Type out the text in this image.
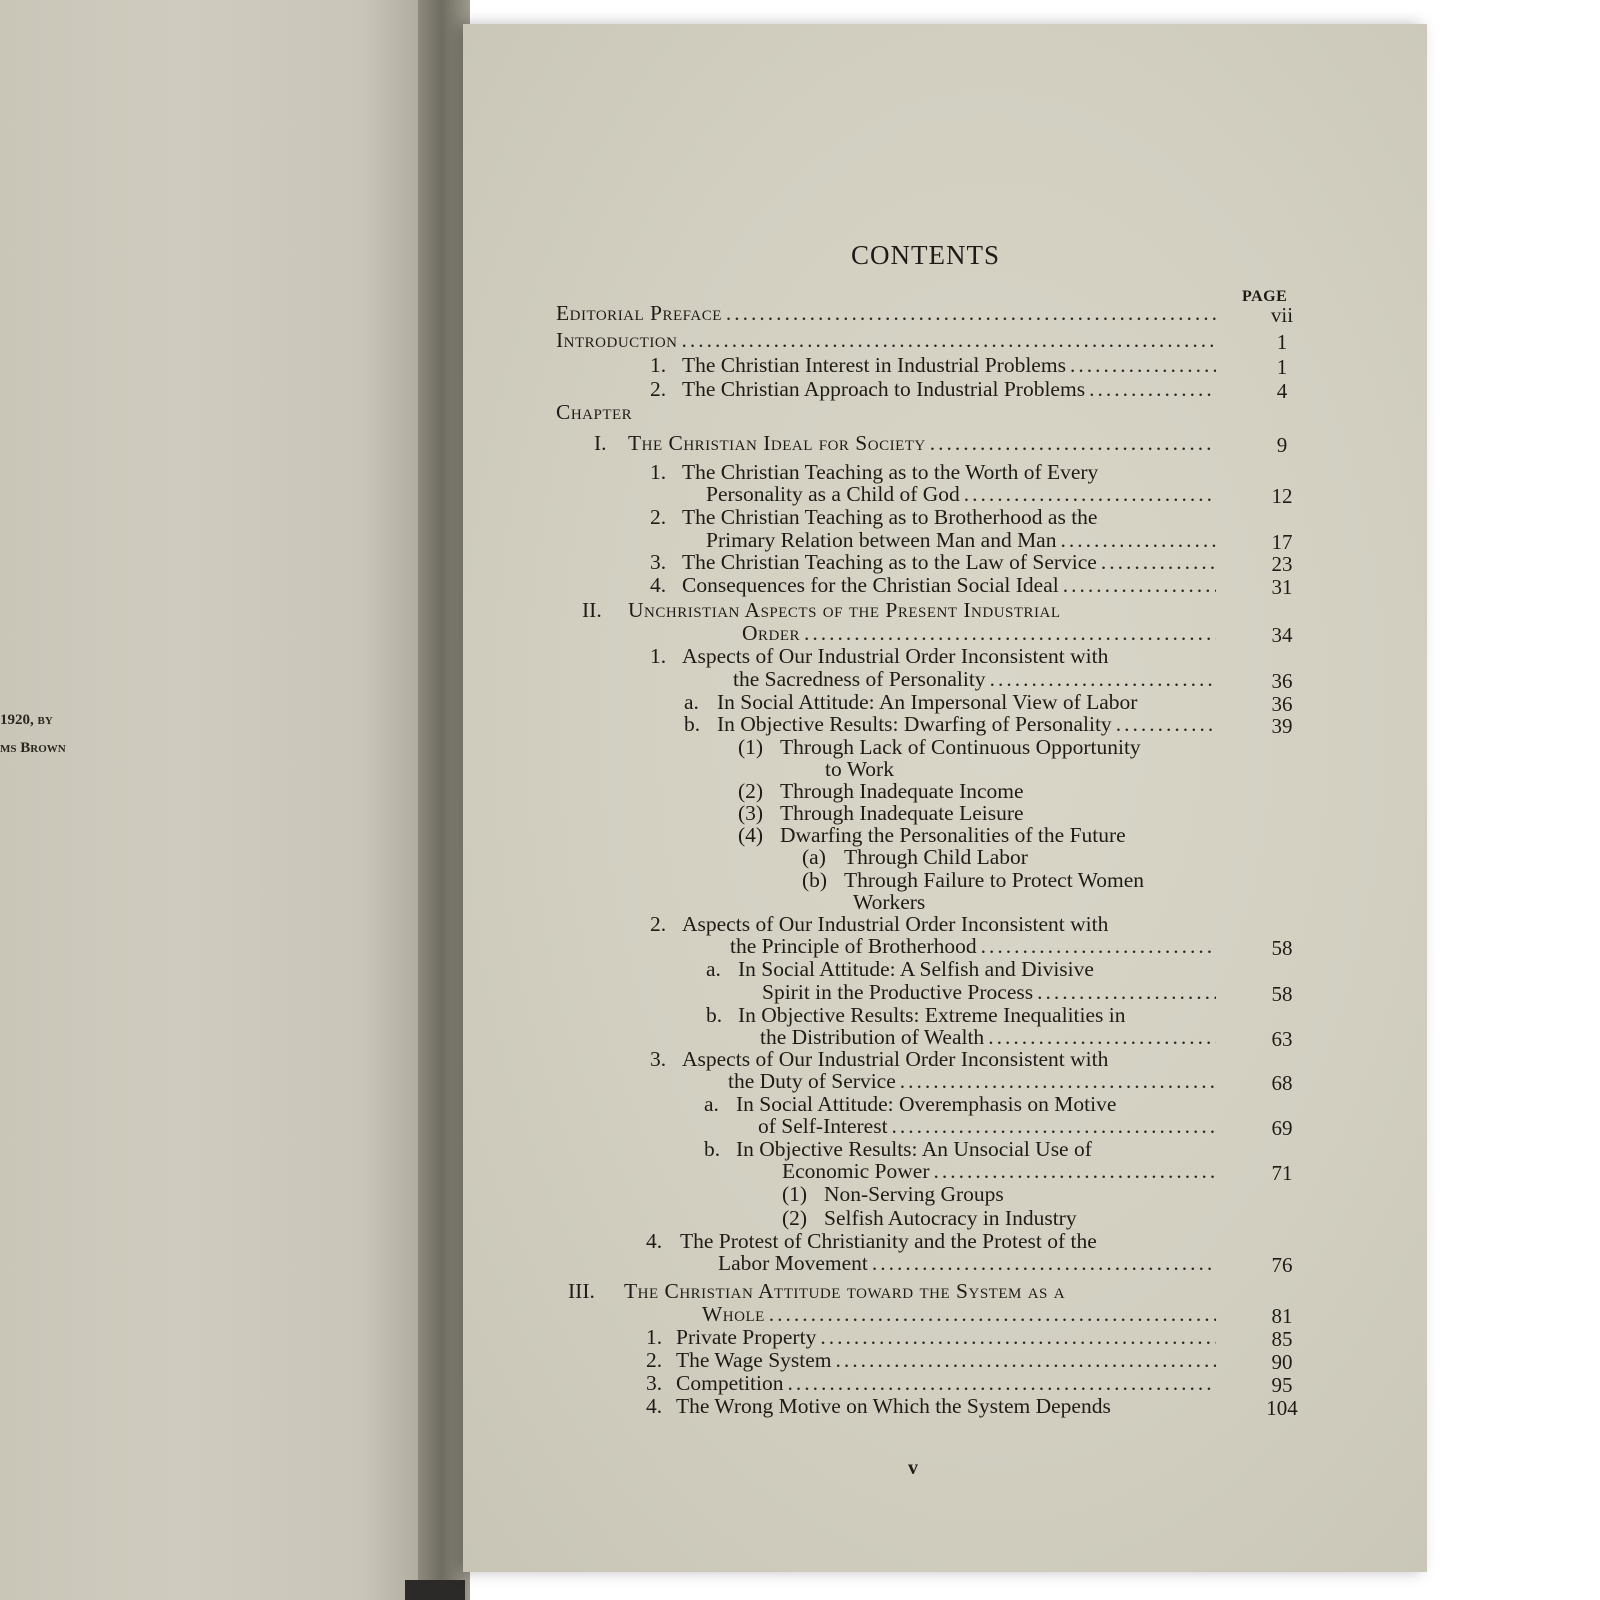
1920, by
ms Brown
CONTENTS
PAGE
Editorial Preface .....	vii
Introduction .....	1
1. The Christian Interest in Industrial Problems .....	1
2. The Christian Approach to Industrial Problems .....	4
Chapter
I. The Christian Ideal for Society .....	9
1. The Christian Teaching as to the Worth of Every
Personality as a Child of God .....	12
2. The Christian Teaching as to Brotherhood as the
Primary Relation between Man and Man .....	17
3. The Christian Teaching as to the Law of Service .....	23
4. Consequences for the Christian Social Ideal .....	31
II.	Unchristian Aspects of the Present Industrial
Order .....	34
1. Aspects of Our Industrial Order Inconsistent with
the Sacredness of Personality .....	36
a. In Social Attitude: An Impersonal View of Labor	36
b. In Objective Results: Dwarfing of Personality .....	39
(1) Through Lack of Continuous Opportunity
to Work
(2) Through Inadequate Income
(3) Through Inadequate Leisure
(4) Dwarfing the Personalities of the Future
(a) Through Child Labor
(b) Through Failure to Protect Women
Workers
2. Aspects of Our Industrial Order Inconsistent with
the Principle of Brotherhood .....	58
a. In Social Attitude: A Selfish and Divisive
Spirit in the Productive Process .....	58
b. In Objective Results: Extreme Inequalities in
the Distribution of Wealth .....	63
3. Aspects of Our Industrial Order Inconsistent with
the Duty of Service .....	68
a. In Social Attitude: Overemphasis on Motive
of Self-Interest .....	69
b. In Objective Results: An Unsocial Use of
Economic Power .....	71
(1) Non-Serving Groups
(2) Selfish Autocracy in Industry
4. The Protest of Christianity and the Protest of the
Labor Movement .....	76
III.	The Christian Attitude toward the System as a
Whole .....	81
1. Private Property .....	85
2. The Wage System .....	90
3. Competition .....	95
4. The Wrong Motive on Which the System Depends	104
v
